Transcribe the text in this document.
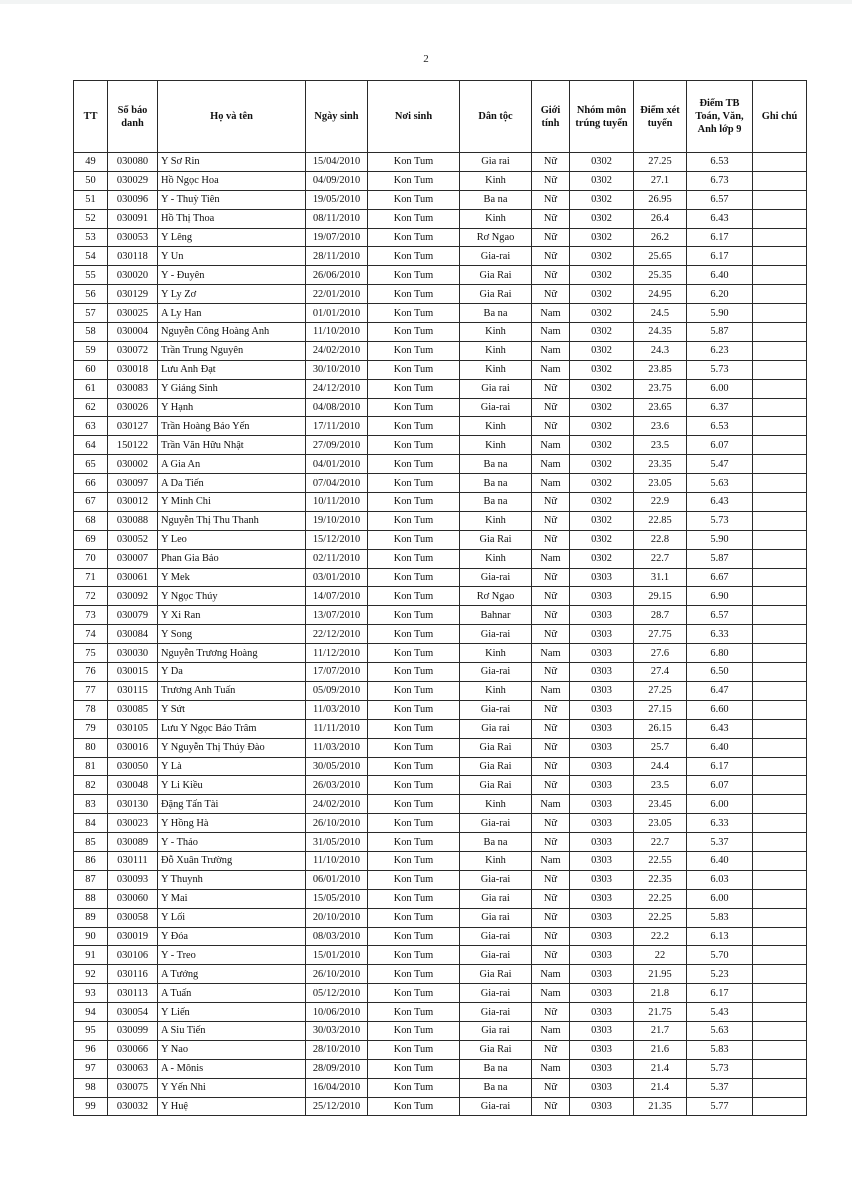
2
TT	Số báo danh	Họ và tên	Ngày sinh	Nơi sinh	Dân tộc	Giới tính	Nhóm môn trúng tuyển	Điểm xét tuyển	Điểm TB Toán, Văn, Anh lớp 9	Ghi chú
49	030080	Y Sơ Rin	15/04/2010	Kon Tum	Gia rai	Nữ	0302	27.25	6.53	
50	030029	Hồ Ngọc Hoa	04/09/2010	Kon Tum	Kinh	Nữ	0302	27.1	6.73	
51	030096	Y - Thuỳ Tiên	19/05/2010	Kon Tum	Ba na	Nữ	0302	26.95	6.57	
52	030091	Hồ Thị Thoa	08/11/2010	Kon Tum	Kinh	Nữ	0302	26.4	6.43	
53	030053	Y Lêng	19/07/2010	Kon Tum	Rơ Ngao	Nữ	0302	26.2	6.17	
54	030118	Y Un	28/11/2010	Kon Tum	Gia-rai	Nữ	0302	25.65	6.17	
55	030020	Y - Đuyên	26/06/2010	Kon Tum	Gia Rai	Nữ	0302	25.35	6.40	
56	030129	Y Ly Zơ	22/01/2010	Kon Tum	Gia Rai	Nữ	0302	24.95	6.20	
57	030025	A Ly Han	01/01/2010	Kon Tum	Ba na	Nam	0302	24.5	5.90	
58	030004	Nguyễn Công Hoàng Anh	11/10/2010	Kon Tum	Kinh	Nam	0302	24.35	5.87	
59	030072	Trần Trung Nguyên	24/02/2010	Kon Tum	Kinh	Nam	0302	24.3	6.23	
60	030018	Lưu Anh Đạt	30/10/2010	Kon Tum	Kinh	Nam	0302	23.85	5.73	
61	030083	Y Giáng Sinh	24/12/2010	Kon Tum	Gia rai	Nữ	0302	23.75	6.00	
62	030026	Y Hạnh	04/08/2010	Kon Tum	Gia-rai	Nữ	0302	23.65	6.37	
63	030127	Trần Hoàng Bảo Yến	17/11/2010	Kon Tum	Kinh	Nữ	0302	23.6	6.53	
64	150122	Trần Văn Hữu Nhật	27/09/2010	Kon Tum	Kinh	Nam	0302	23.5	6.07	
65	030002	A Gia An	04/01/2010	Kon Tum	Ba na	Nam	0302	23.35	5.47	
66	030097	A Da Tiến	07/04/2010	Kon Tum	Ba na	Nam	0302	23.05	5.63	
67	030012	Y Minh Chi	10/11/2010	Kon Tum	Ba na	Nữ	0302	22.9	6.43	
68	030088	Nguyễn Thị Thu Thanh	19/10/2010	Kon Tum	Kinh	Nữ	0302	22.85	5.73	
69	030052	Y Leo	15/12/2010	Kon Tum	Gia Rai	Nữ	0302	22.8	5.90	
70	030007	Phan Gia Bảo	02/11/2010	Kon Tum	Kinh	Nam	0302	22.7	5.87	
71	030061	Y Mek	03/01/2010	Kon Tum	Gia-rai	Nữ	0303	31.1	6.67	
72	030092	Y Ngọc Thúy	14/07/2010	Kon Tum	Rơ Ngao	Nữ	0303	29.15	6.90	
73	030079	Y Xi Ran	13/07/2010	Kon Tum	Bahnar	Nữ	0303	28.7	6.57	
74	030084	Y Song	22/12/2010	Kon Tum	Gia-rai	Nữ	0303	27.75	6.33	
75	030030	Nguyễn Trương Hoàng	11/12/2010	Kon Tum	Kinh	Nam	0303	27.6	6.80	
76	030015	Y Da	17/07/2010	Kon Tum	Gia-rai	Nữ	0303	27.4	6.50	
77	030115	Trương Anh Tuấn	05/09/2010	Kon Tum	Kinh	Nam	0303	27.25	6.47	
78	030085	Y Sứt	11/03/2010	Kon Tum	Gia-rai	Nữ	0303	27.15	6.60	
79	030105	Lưu Y Ngọc Bảo Trâm	11/11/2010	Kon Tum	Gia rai	Nữ	0303	26.15	6.43	
80	030016	Y Nguyễn Thị Thúy Đào	11/03/2010	Kon Tum	Gia Rai	Nữ	0303	25.7	6.40	
81	030050	Y Là	30/05/2010	Kon Tum	Gia Rai	Nữ	0303	24.4	6.17	
82	030048	Y Li Kiều	26/03/2010	Kon Tum	Gia Rai	Nữ	0303	23.5	6.07	
83	030130	Đặng Tấn Tài	24/02/2010	Kon Tum	Kinh	Nam	0303	23.45	6.00	
84	030023	Y Hồng Hà	26/10/2010	Kon Tum	Gia-rai	Nữ	0303	23.05	6.33	
85	030089	Y - Thảo	31/05/2010	Kon Tum	Ba na	Nữ	0303	22.7	5.37	
86	030111	Đỗ Xuân Trường	11/10/2010	Kon Tum	Kinh	Nam	0303	22.55	6.40	
87	030093	Y Thuynh	06/01/2010	Kon Tum	Gia-rai	Nữ	0303	22.35	6.03	
88	030060	Y Mai	15/05/2010	Kon Tum	Gia rai	Nữ	0303	22.25	6.00	
89	030058	Y Lối	20/10/2010	Kon Tum	Gia rai	Nữ	0303	22.25	5.83	
90	030019	Y Đóa	08/03/2010	Kon Tum	Gia-rai	Nữ	0303	22.2	6.13	
91	030106	Y - Treo	15/01/2010	Kon Tum	Gia-rai	Nữ	0303	22	5.70	
92	030116	A Tướng	26/10/2010	Kon Tum	Gia Rai	Nam	0303	21.95	5.23	
93	030113	A Tuấn	05/12/2010	Kon Tum	Gia-rai	Nam	0303	21.8	6.17	
94	030054	Y Liến	10/06/2010	Kon Tum	Gia-rai	Nữ	0303	21.75	5.43	
95	030099	A Siu Tiến	30/03/2010	Kon Tum	Gia rai	Nam	0303	21.7	5.63	
96	030066	Y Nao	28/10/2010	Kon Tum	Gia Rai	Nữ	0303	21.6	5.83	
97	030063	A - Mônis	28/09/2010	Kon Tum	Ba na	Nam	0303	21.4	5.73	
98	030075	Y Yến Nhi	16/04/2010	Kon Tum	Ba na	Nữ	0303	21.4	5.37	
99	030032	Y Huệ	25/12/2010	Kon Tum	Gia-rai	Nữ	0303	21.35	5.77	
